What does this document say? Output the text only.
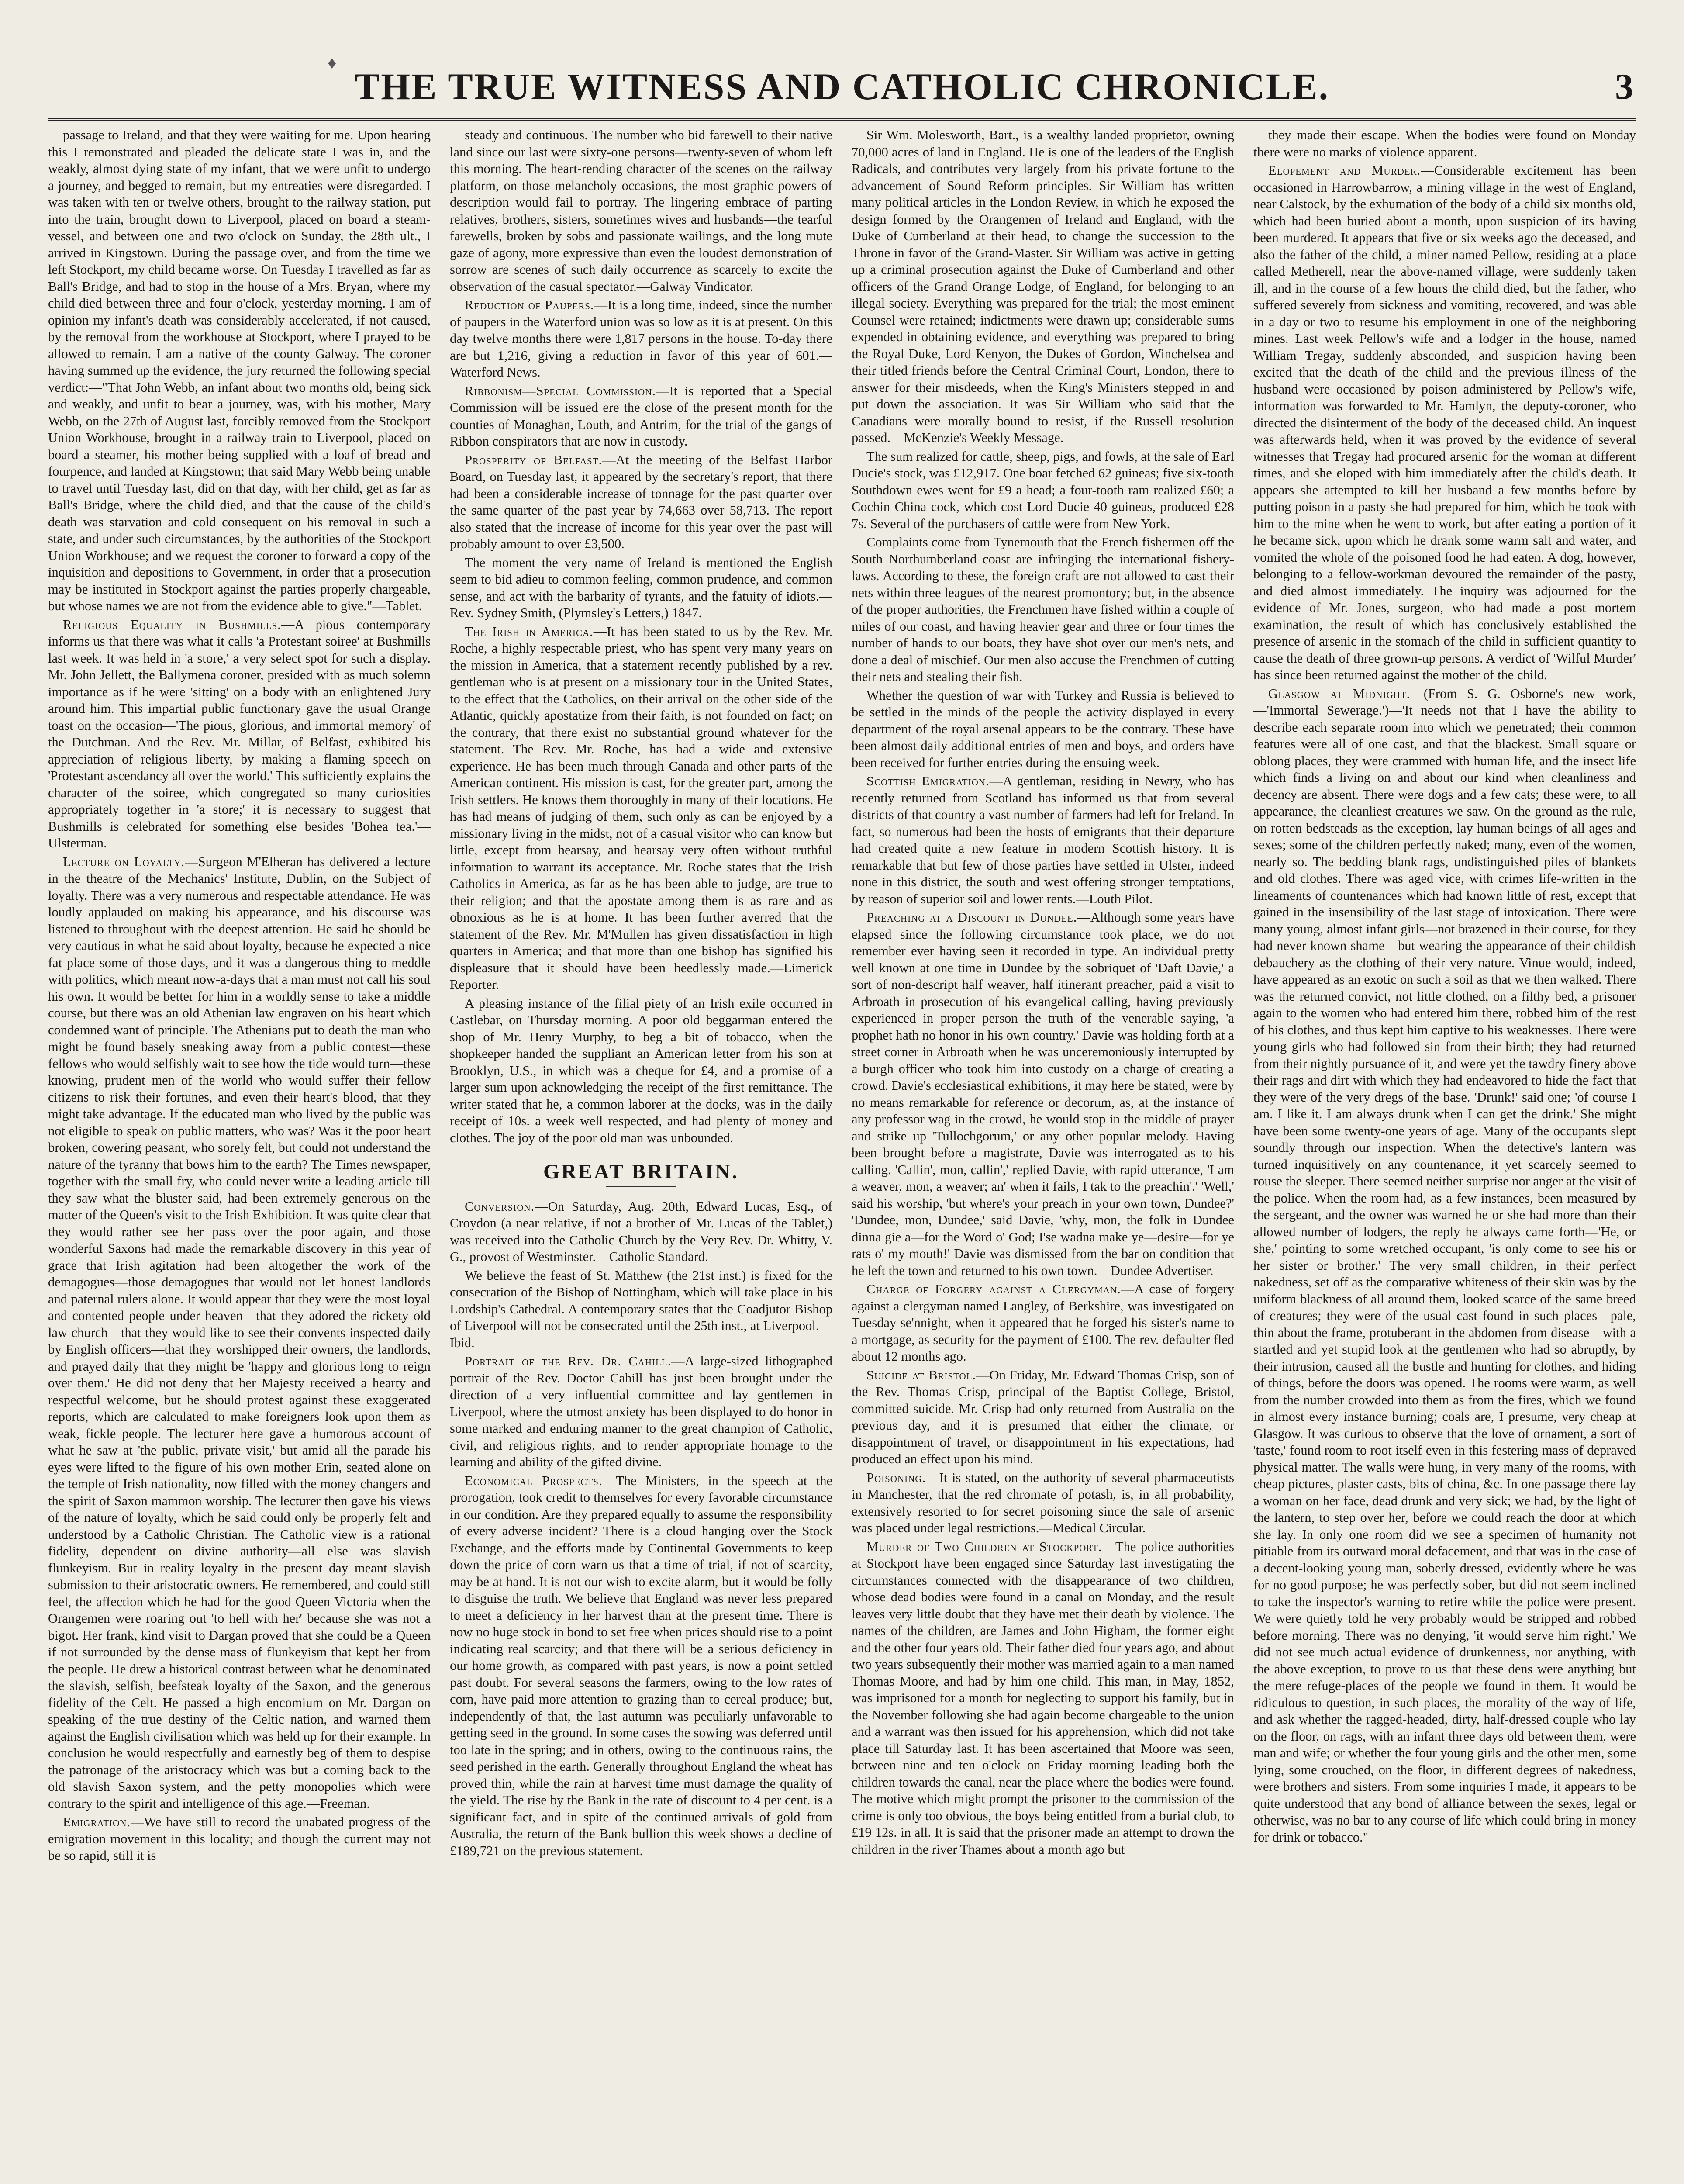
♦
THE TRUE WITNESS AND CATHOLIC CHRONICLE.	3

passage to Ireland, and that they were waiting for me. Upon hearing this I remonstrated and pleaded the delicate state I was in, and the weakly, almost dying state of my infant, that we were unfit to undergo a journey, and begged to remain, but my entreaties were disregarded. I was taken with ten or twelve others, brought to the railway station, put into the train, brought down to Liverpool, placed on board a steam-vessel, and between one and two o'clock on Sunday, the 28th ult., I arrived in Kingstown. During the passage over, and from the time we left Stockport, my child became worse. On Tuesday I travelled as far as Ball's Bridge, and had to stop in the house of a Mrs. Bryan, where my child died between three and four o'clock, yesterday morning. I am of opinion my infant's death was considerably accelerated, if not caused, by the removal from the workhouse at Stockport, where I prayed to be allowed to remain. I am a native of the county Galway. The coroner having summed up the evidence, the jury returned the following special verdict:—"That John Webb, an infant about two months old, being sick and weakly, and unfit to bear a journey, was, with his mother, Mary Webb, on the 27th of August last, forcibly removed from the Stockport Union Workhouse, brought in a railway train to Liverpool, placed on board a steamer, his mother being supplied with a loaf of bread and fourpence, and landed at Kingstown; that said Mary Webb being unable to travel until Tuesday last, did on that day, with her child, get as far as Ball's Bridge, where the child died, and that the cause of the child's death was starvation and cold consequent on his removal in such a state, and under such circumstances, by the authorities of the Stockport Union Workhouse; and we request the coroner to forward a copy of the inquisition and depositions to Government, in order that a prosecution may be instituted in Stockport against the parties properly chargeable, but whose names we are not from the evidence able to give."—Tablet.

Religious Equality in Bushmills.—A pious contemporary informs us that there was what it calls 'a Protestant soiree' at Bushmills last week. It was held in 'a store,' a very select spot for such a display. Mr. John Jellett, the Ballymena coroner, presided with as much solemn importance as if he were 'sitting' on a body with an enlightened Jury around him. This impartial public functionary gave the usual Orange toast on the occasion—'The pious, glorious, and immortal memory' of the Dutchman. And the Rev. Mr. Millar, of Belfast, exhibited his appreciation of religious liberty, by making a flaming speech on 'Protestant ascendancy all over the world.' This sufficiently explains the character of the soiree, which congregated so many curiosities appropriately together in 'a store;' it is necessary to suggest that Bushmills is celebrated for something else besides 'Bohea tea.'—Ulsterman.

Lecture on Loyalty.—Surgeon M'Elheran has delivered a lecture in the theatre of the Mechanics' Institute, Dublin, on the Subject of loyalty. There was a very numerous and respectable attendance. He was loudly applauded on making his appearance, and his discourse was listened to throughout with the deepest attention. He said he should be very cautious in what he said about loyalty, because he expected a nice fat place some of those days, and it was a dangerous thing to meddle with politics, which meant now-a-days that a man must not call his soul his own. It would be better for him in a worldly sense to take a middle course, but there was an old Athenian law engraven on his heart which condemned want of principle. The Athenians put to death the man who might be found basely sneaking away from a public contest—these fellows who would selfishly wait to see how the tide would turn—these knowing, prudent men of the world who would suffer their fellow citizens to risk their fortunes, and even their heart's blood, that they might take advantage. If the educated man who lived by the public was not eligible to speak on public matters, who was? Was it the poor heart broken, cowering peasant, who sorely felt, but could not understand the nature of the tyranny that bows him to the earth? The Times newspaper, together with the small fry, who could never write a leading article till they saw what the bluster said, had been extremely generous on the matter of the Queen's visit to the Irish Exhibition. It was quite clear that they would rather see her pass over the poor again, and those wonderful Saxons had made the remarkable discovery in this year of grace that Irish agitation had been altogether the work of the demagogues—those demagogues that would not let honest landlords and paternal rulers alone. It would appear that they were the most loyal and contented people under heaven—that they adored the rickety old law church—that they would like to see their convents inspected daily by English officers—that they worshipped their owners, the landlords, and prayed daily that they might be 'happy and glorious long to reign over them.' He did not deny that her Majesty received a hearty and respectful welcome, but he should protest against these exaggerated reports, which are calculated to make foreigners look upon them as weak, fickle people. The lecturer here gave a humorous account of what he saw at 'the public, private visit,' but amid all the parade his eyes were lifted to the figure of his own mother Erin, seated alone on the temple of Irish nationality, now filled with the money changers and the spirit of Saxon mammon worship. The lecturer then gave his views of the nature of loyalty, which he said could only be properly felt and understood by a Catholic Christian. The Catholic view is a rational fidelity, dependent on divine authority—all else was slavish flunkeyism. But in reality loyalty in the present day meant slavish submission to their aristocratic owners. He remembered, and could still feel, the affection which he had for the good Queen Victoria when the Orangemen were roaring out 'to hell with her' because she was not a bigot. Her frank, kind visit to Dargan proved that she could be a Queen if not surrounded by the dense mass of flunkeyism that kept her from the people. He drew a historical contrast between what he denominated the slavish, selfish, beefsteak loyalty of the Saxon, and the generous fidelity of the Celt. He passed a high encomium on Mr. Dargan on speaking of the true destiny of the Celtic nation, and warned them against the English civilisation which was held up for their example. In conclusion he would respectfully and earnestly beg of them to despise the patronage of the aristocracy which was but a coming back to the old slavish Saxon system, and the petty monopolies which were contrary to the spirit and intelligence of this age.—Freeman.

Emigration.—We have still to record the unabated progress of the emigration movement in this locality; and though the current may not be so rapid, still it is

steady and continuous. The number who bid farewell to their native land since our last were sixty-one persons—twenty-seven of whom left this morning. The heart-rending character of the scenes on the railway platform, on those melancholy occasions, the most graphic powers of description would fail to portray. The lingering embrace of parting relatives, brothers, sisters, sometimes wives and husbands—the tearful farewells, broken by sobs and passionate wailings, and the long mute gaze of agony, more expressive than even the loudest demonstration of sorrow are scenes of such daily occurrence as scarcely to excite the observation of the casual spectator.—Galway Vindicator.

Reduction of Paupers.—It is a long time, indeed, since the number of paupers in the Waterford union was so low as it is at present. On this day twelve months there were 1,817 persons in the house. To-day there are but 1,216, giving a reduction in favor of this year of 601.—Waterford News.

Ribbonism—Special Commission.—It is reported that a Special Commission will be issued ere the close of the present month for the counties of Monaghan, Louth, and Antrim, for the trial of the gangs of Ribbon conspirators that are now in custody.

Prosperity of Belfast.—At the meeting of the Belfast Harbor Board, on Tuesday last, it appeared by the secretary's report, that there had been a considerable increase of tonnage for the past quarter over the same quarter of the past year by 74,663 over 58,713. The report also stated that the increase of income for this year over the past will probably amount to over £3,500.

The moment the very name of Ireland is mentioned the English seem to bid adieu to common feeling, common prudence, and common sense, and act with the barbarity of tyrants, and the fatuity of idiots.—Rev. Sydney Smith, (Plymsley's Letters,) 1847.

The Irish in America.—It has been stated to us by the Rev. Mr. Roche, a highly respectable priest, who has spent very many years on the mission in America, that a statement recently published by a rev. gentleman who is at present on a missionary tour in the United States, to the effect that the Catholics, on their arrival on the other side of the Atlantic, quickly apostatize from their faith, is not founded on fact; on the contrary, that there exist no substantial ground whatever for the statement. The Rev. Mr. Roche, has had a wide and extensive experience. He has been much through Canada and other parts of the American continent. His mission is cast, for the greater part, among the Irish settlers. He knows them thoroughly in many of their locations. He has had means of judging of them, such only as can be enjoyed by a missionary living in the midst, not of a casual visitor who can know but little, except from hearsay, and hearsay very often without truthful information to warrant its acceptance. Mr. Roche states that the Irish Catholics in America, as far as he has been able to judge, are true to their religion; and that the apostate among them is as rare and as obnoxious as he is at home. It has been further averred that the statement of the Rev. Mr. M'Mullen has given dissatisfaction in high quarters in America; and that more than one bishop has signified his displeasure that it should have been heedlessly made.—Limerick Reporter.

A pleasing instance of the filial piety of an Irish exile occurred in Castlebar, on Thursday morning. A poor old beggarman entered the shop of Mr. Henry Murphy, to beg a bit of tobacco, when the shopkeeper handed the suppliant an American letter from his son at Brooklyn, U.S., in which was a cheque for £4, and a promise of a larger sum upon acknowledging the receipt of the first remittance. The writer stated that he, a common laborer at the docks, was in the daily receipt of 10s. a week well respected, and had plenty of money and clothes. The joy of the poor old man was unbounded.

GREAT BRITAIN.

Conversion.—On Saturday, Aug. 20th, Edward Lucas, Esq., of Croydon (a near relative, if not a brother of Mr. Lucas of the Tablet,) was received into the Catholic Church by the Very Rev. Dr. Whitty, V. G., provost of Westminster.—Catholic Standard.

We believe the feast of St. Matthew (the 21st inst.) is fixed for the consecration of the Bishop of Nottingham, which will take place in his Lordship's Cathedral. A contemporary states that the Coadjutor Bishop of Liverpool will not be consecrated until the 25th inst., at Liverpool.—Ibid.

Portrait of the Rev. Dr. Cahill.—A large-sized lithographed portrait of the Rev. Doctor Cahill has just been brought under the direction of a very influential committee and lay gentlemen in Liverpool, where the utmost anxiety has been displayed to do honor in some marked and enduring manner to the great champion of Catholic, civil, and religious rights, and to render appropriate homage to the learning and ability of the gifted divine.

Economical Prospects.—The Ministers, in the speech at the prorogation, took credit to themselves for every favorable circumstance in our condition. Are they prepared equally to assume the responsibility of every adverse incident? There is a cloud hanging over the Stock Exchange, and the efforts made by Continental Governments to keep down the price of corn warn us that a time of trial, if not of scarcity, may be at hand. It is not our wish to excite alarm, but it would be folly to disguise the truth. We believe that England was never less prepared to meet a deficiency in her harvest than at the present time. There is now no huge stock in bond to set free when prices should rise to a point indicating real scarcity; and that there will be a serious deficiency in our home growth, as compared with past years, is now a point settled past doubt. For several seasons the farmers, owing to the low rates of corn, have paid more attention to grazing than to cereal produce; but, independently of that, the last autumn was peculiarly unfavorable to getting seed in the ground. In some cases the sowing was deferred until too late in the spring; and in others, owing to the continuous rains, the seed perished in the earth. Generally throughout England the wheat has proved thin, while the rain at harvest time must damage the quality of the yield. The rise by the Bank in the rate of discount to 4 per cent. is a significant fact, and in spite of the continued arrivals of gold from Australia, the return of the Bank bullion this week shows a decline of £189,721 on the previous statement.

Sir Wm. Molesworth, Bart., is a wealthy landed proprietor, owning 70,000 acres of land in England. He is one of the leaders of the English Radicals, and contributes very largely from his private fortune to the advancement of Sound Reform principles. Sir William has written many political articles in the London Review, in which he exposed the design formed by the Orangemen of Ireland and England, with the Duke of Cumberland at their head, to change the succession to the Throne in favor of the Grand-Master. Sir William was active in getting up a criminal prosecution against the Duke of Cumberland and other officers of the Grand Orange Lodge, of England, for belonging to an illegal society. Everything was prepared for the trial; the most eminent Counsel were retained; indictments were drawn up; considerable sums expended in obtaining evidence, and everything was prepared to bring the Royal Duke, Lord Kenyon, the Dukes of Gordon, Winchelsea and their titled friends before the Central Criminal Court, London, there to answer for their misdeeds, when the King's Ministers stepped in and put down the association. It was Sir William who said that the Canadians were morally bound to resist, if the Russell resolution passed.—McKenzie's Weekly Message.

The sum realized for cattle, sheep, pigs, and fowls, at the sale of Earl Ducie's stock, was £12,917. One boar fetched 62 guineas; five six-tooth Southdown ewes went for £9 a head; a four-tooth ram realized £60; a Cochin China cock, which cost Lord Ducie 40 guineas, produced £28 7s. Several of the purchasers of cattle were from New York.

Complaints come from Tynemouth that the French fishermen off the South Northumberland coast are infringing the international fishery-laws. According to these, the foreign craft are not allowed to cast their nets within three leagues of the nearest promontory; but, in the absence of the proper authorities, the Frenchmen have fished within a couple of miles of our coast, and having heavier gear and three or four times the number of hands to our boats, they have shot over our men's nets, and done a deal of mischief. Our men also accuse the Frenchmen of cutting their nets and stealing their fish.

Whether the question of war with Turkey and Russia is believed to be settled in the minds of the people the activity displayed in every department of the royal arsenal appears to be the contrary. These have been almost daily additional entries of men and boys, and orders have been received for further entries during the ensuing week.

Scottish Emigration.—A gentleman, residing in Newry, who has recently returned from Scotland has informed us that from several districts of that country a vast number of farmers had left for Ireland. In fact, so numerous had been the hosts of emigrants that their departure had created quite a new feature in modern Scottish history. It is remarkable that but few of those parties have settled in Ulster, indeed none in this district, the south and west offering stronger temptations, by reason of superior soil and lower rents.—Louth Pilot.

Preaching at a Discount in Dundee.—Although some years have elapsed since the following circumstance took place, we do not remember ever having seen it recorded in type. An individual pretty well known at one time in Dundee by the sobriquet of 'Daft Davie,' a sort of non-descript half weaver, half itinerant preacher, paid a visit to Arbroath in prosecution of his evangelical calling, having previously experienced in proper person the truth of the venerable saying, 'a prophet hath no honor in his own country.' Davie was holding forth at a street corner in Arbroath when he was unceremoniously interrupted by a burgh officer who took him into custody on a charge of creating a crowd. Davie's ecclesiastical exhibitions, it may here be stated, were by no means remarkable for reference or decorum, as, at the instance of any professor wag in the crowd, he would stop in the middle of prayer and strike up 'Tullochgorum,' or any other popular melody. Having been brought before a magistrate, Davie was interrogated as to his calling. 'Callin', mon, callin',' replied Davie, with rapid utterance, 'I am a weaver, mon, a weaver; an' when it fails, I tak to the preachin'.' 'Well,' said his worship, 'but where's your preach in your own town, Dundee?' 'Dundee, mon, Dundee,' said Davie, 'why, mon, the folk in Dundee dinna gie a—for the Word o' God; I'se wadna make ye—desire—for ye rats o' my mouth!' Davie was dismissed from the bar on condition that he left the town and returned to his own town.—Dundee Advertiser.

Charge of Forgery against a Clergyman.—A case of forgery against a clergyman named Langley, of Berkshire, was investigated on Tuesday se'nnight, when it appeared that he forged his sister's name to a mortgage, as security for the payment of £100. The rev. defaulter fled about 12 months ago.

Suicide at Bristol.—On Friday, Mr. Edward Thomas Crisp, son of the Rev. Thomas Crisp, principal of the Baptist College, Bristol, committed suicide. Mr. Crisp had only returned from Australia on the previous day, and it is presumed that either the climate, or disappointment of travel, or disappointment in his expectations, had produced an effect upon his mind.

Poisoning.—It is stated, on the authority of several pharmaceutists in Manchester, that the red chromate of potash, is, in all probability, extensively resorted to for secret poisoning since the sale of arsenic was placed under legal restrictions.—Medical Circular.

Murder of Two Children at Stockport.—The police authorities at Stockport have been engaged since Saturday last investigating the circumstances connected with the disappearance of two children, whose dead bodies were found in a canal on Monday, and the result leaves very little doubt that they have met their death by violence. The names of the children, are James and John Higham, the former eight and the other four years old. Their father died four years ago, and about two years subsequently their mother was married again to a man named Thomas Moore, and had by him one child. This man, in May, 1852, was imprisoned for a month for neglecting to support his family, but in the November following she had again become chargeable to the union and a warrant was then issued for his apprehension, which did not take place till Saturday last. It has been ascertained that Moore was seen, between nine and ten o'clock on Friday morning leading both the children towards the canal, near the place where the bodies were found. The motive which might prompt the prisoner to the commission of the crime is only too obvious, the boys being entitled from a burial club, to £19 12s. in all. It is said that the prisoner made an attempt to drown the children in the river Thames about a month ago but

they made their escape. When the bodies were found on Monday there were no marks of violence apparent.

Elopement and Murder.—Considerable excitement has been occasioned in Harrowbarrow, a mining village in the west of England, near Calstock, by the exhumation of the body of a child six months old, which had been buried about a month, upon suspicion of its having been murdered. It appears that five or six weeks ago the deceased, and also the father of the child, a miner named Pellow, residing at a place called Metherell, near the above-named village, were suddenly taken ill, and in the course of a few hours the child died, but the father, who suffered severely from sickness and vomiting, recovered, and was able in a day or two to resume his employment in one of the neighboring mines. Last week Pellow's wife and a lodger in the house, named William Tregay, suddenly absconded, and suspicion having been excited that the death of the child and the previous illness of the husband were occasioned by poison administered by Pellow's wife, information was forwarded to Mr. Hamlyn, the deputy-coroner, who directed the disinterment of the body of the deceased child. An inquest was afterwards held, when it was proved by the evidence of several witnesses that Tregay had procured arsenic for the woman at different times, and she eloped with him immediately after the child's death. It appears she attempted to kill her husband a few months before by putting poison in a pasty she had prepared for him, which he took with him to the mine when he went to work, but after eating a portion of it he became sick, upon which he drank some warm salt and water, and vomited the whole of the poisoned food he had eaten. A dog, however, belonging to a fellow-workman devoured the remainder of the pasty, and died almost immediately. The inquiry was adjourned for the evidence of Mr. Jones, surgeon, who had made a post mortem examination, the result of which has conclusively established the presence of arsenic in the stomach of the child in sufficient quantity to cause the death of three grown-up persons. A verdict of 'Wilful Murder' has since been returned against the mother of the child.

Glasgow at Midnight.—(From S. G. Osborne's new work,—'Immortal Sewerage.')—'It needs not that I have the ability to describe each separate room into which we penetrated; their common features were all of one cast, and that the blackest. Small square or oblong places, they were crammed with human life, and the insect life which finds a living on and about our kind when cleanliness and decency are absent. There were dogs and a few cats; these were, to all appearance, the cleanliest creatures we saw. On the ground as the rule, on rotten bedsteads as the exception, lay human beings of all ages and sexes; some of the children perfectly naked; many, even of the women, nearly so. The bedding blank rags, undistinguished piles of blankets and old clothes. There was aged vice, with crimes life-written in the lineaments of countenances which had known little of rest, except that gained in the insensibility of the last stage of intoxication. There were many young, almost infant girls—not brazened in their course, for they had never known shame—but wearing the appearance of their childish debauchery as the clothing of their very nature. Vinue would, indeed, have appeared as an exotic on such a soil as that we then walked. There was the returned convict, not little clothed, on a filthy bed, a prisoner again to the women who had entered him there, robbed him of the rest of his clothes, and thus kept him captive to his weaknesses. There were young girls who had followed sin from their birth; they had returned from their nightly pursuance of it, and were yet the tawdry finery above their rags and dirt with which they had endeavored to hide the fact that they were of the very dregs of the base. 'Drunk!' said one; 'of course I am. I like it. I am always drunk when I can get the drink.' She might have been some twenty-one years of age. Many of the occupants slept soundly through our inspection. When the detective's lantern was turned inquisitively on any countenance, it yet scarcely seemed to rouse the sleeper. There seemed neither surprise nor anger at the visit of the police. When the room had, as a few instances, been measured by the sergeant, and the owner was warned he or she had more than their allowed number of lodgers, the reply he always came forth—'He, or she,' pointing to some wretched occupant, 'is only come to see his or her sister or brother.' The very small children, in their perfect nakedness, set off as the comparative whiteness of their skin was by the uniform blackness of all around them, looked scarce of the same breed of creatures; they were of the usual cast found in such places—pale, thin about the frame, protuberant in the abdomen from disease—with a startled and yet stupid look at the gentlemen who had so abruptly, by their intrusion, caused all the bustle and hunting for clothes, and hiding of things, before the doors was opened. The rooms were warm, as well from the number crowded into them as from the fires, which we found in almost every instance burning; coals are, I presume, very cheap at Glasgow. It was curious to observe that the love of ornament, a sort of 'taste,' found room to root itself even in this festering mass of depraved physical matter. The walls were hung, in very many of the rooms, with cheap pictures, plaster casts, bits of china, &c. In one passage there lay a woman on her face, dead drunk and very sick; we had, by the light of the lantern, to step over her, before we could reach the door at which she lay. In only one room did we see a specimen of humanity not pitiable from its outward moral defacement, and that was in the case of a decent-looking young man, soberly dressed, evidently where he was for no good purpose; he was perfectly sober, but did not seem inclined to take the inspector's warning to retire while the police were present. We were quietly told he very probably would be stripped and robbed before morning. There was no denying, 'it would serve him right.' We did not see much actual evidence of drunkenness, nor anything, with the above exception, to prove to us that these dens were anything but the mere refuge-places of the people we found in them. It would be ridiculous to question, in such places, the morality of the way of life, and ask whether the ragged-headed, dirty, half-dressed couple who lay on the floor, on rags, with an infant three days old between them, were man and wife; or whether the four young girls and the other men, some lying, some crouched, on the floor, in different degrees of nakedness, were brothers and sisters. From some inquiries I made, it appears to be quite understood that any bond of alliance between the sexes, legal or otherwise, was no bar to any course of life which could bring in money for drink or tobacco."
